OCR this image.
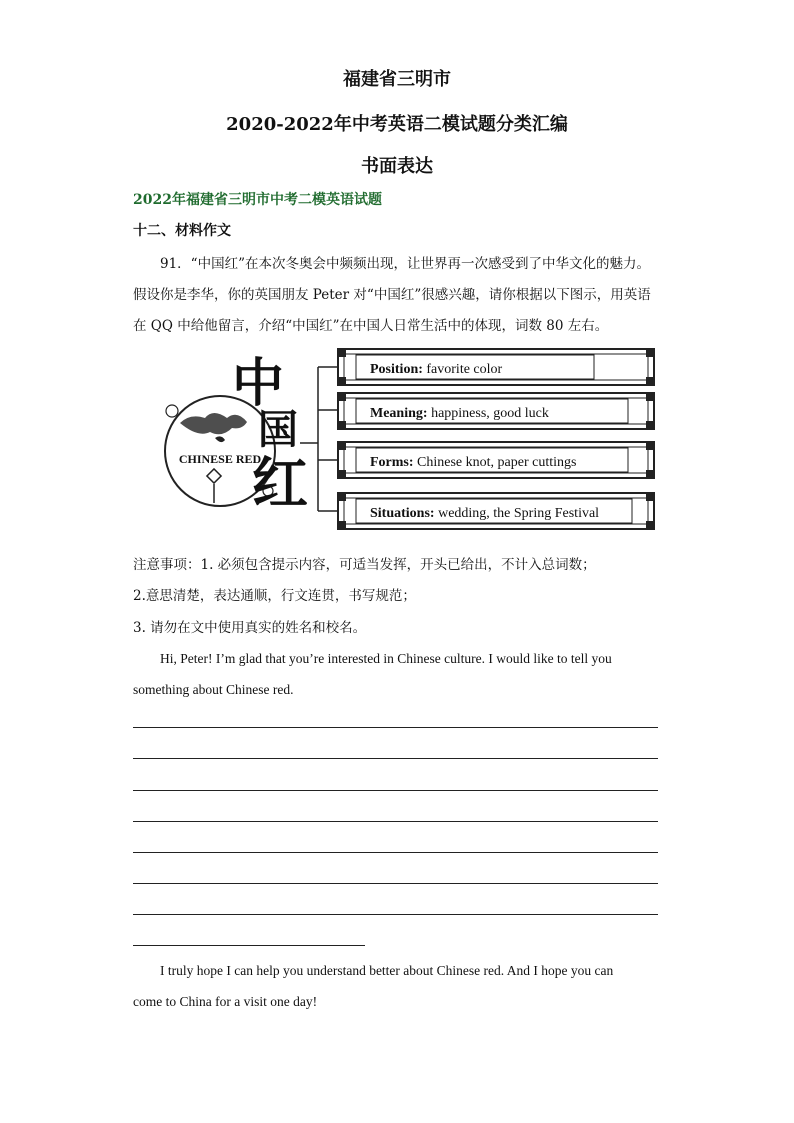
福建省三明市
2020-2022年中考英语二模试题分类汇编
书面表达
2022年福建省三明市中考二模英语试题
十二、材料作文
91．“中国红”在本次冬奥会中频频出现，让世界再一次感受到了中华文化的魅力。
假设你是李华，你的英国朋友 Peter 对“中国红”很感兴趣，请你根据以下图示，用英语
在 QQ 中给他留言，介绍“中国红”在中国人日常生活中的体现，词数 80 左右。
CHINESE RED
中
国
红
Position: favorite color
Meaning: happiness, good luck
Forms: Chinese knot, paper cuttings
Situations: wedding, the Spring Festival
注意事项：1. 必须包含提示内容，可适当发挥，开头已给出，不计入总词数；
2.意思清楚，表达通顺，行文连贯，书写规范；
3. 请勿在文中使用真实的姓名和校名。
Hi, Peter! I’m glad that you’re interested in Chinese culture. I would like to tell you
something about Chinese red.
I truly hope I can help you understand better about Chinese red. And I hope you can
come to China for a visit one day!
